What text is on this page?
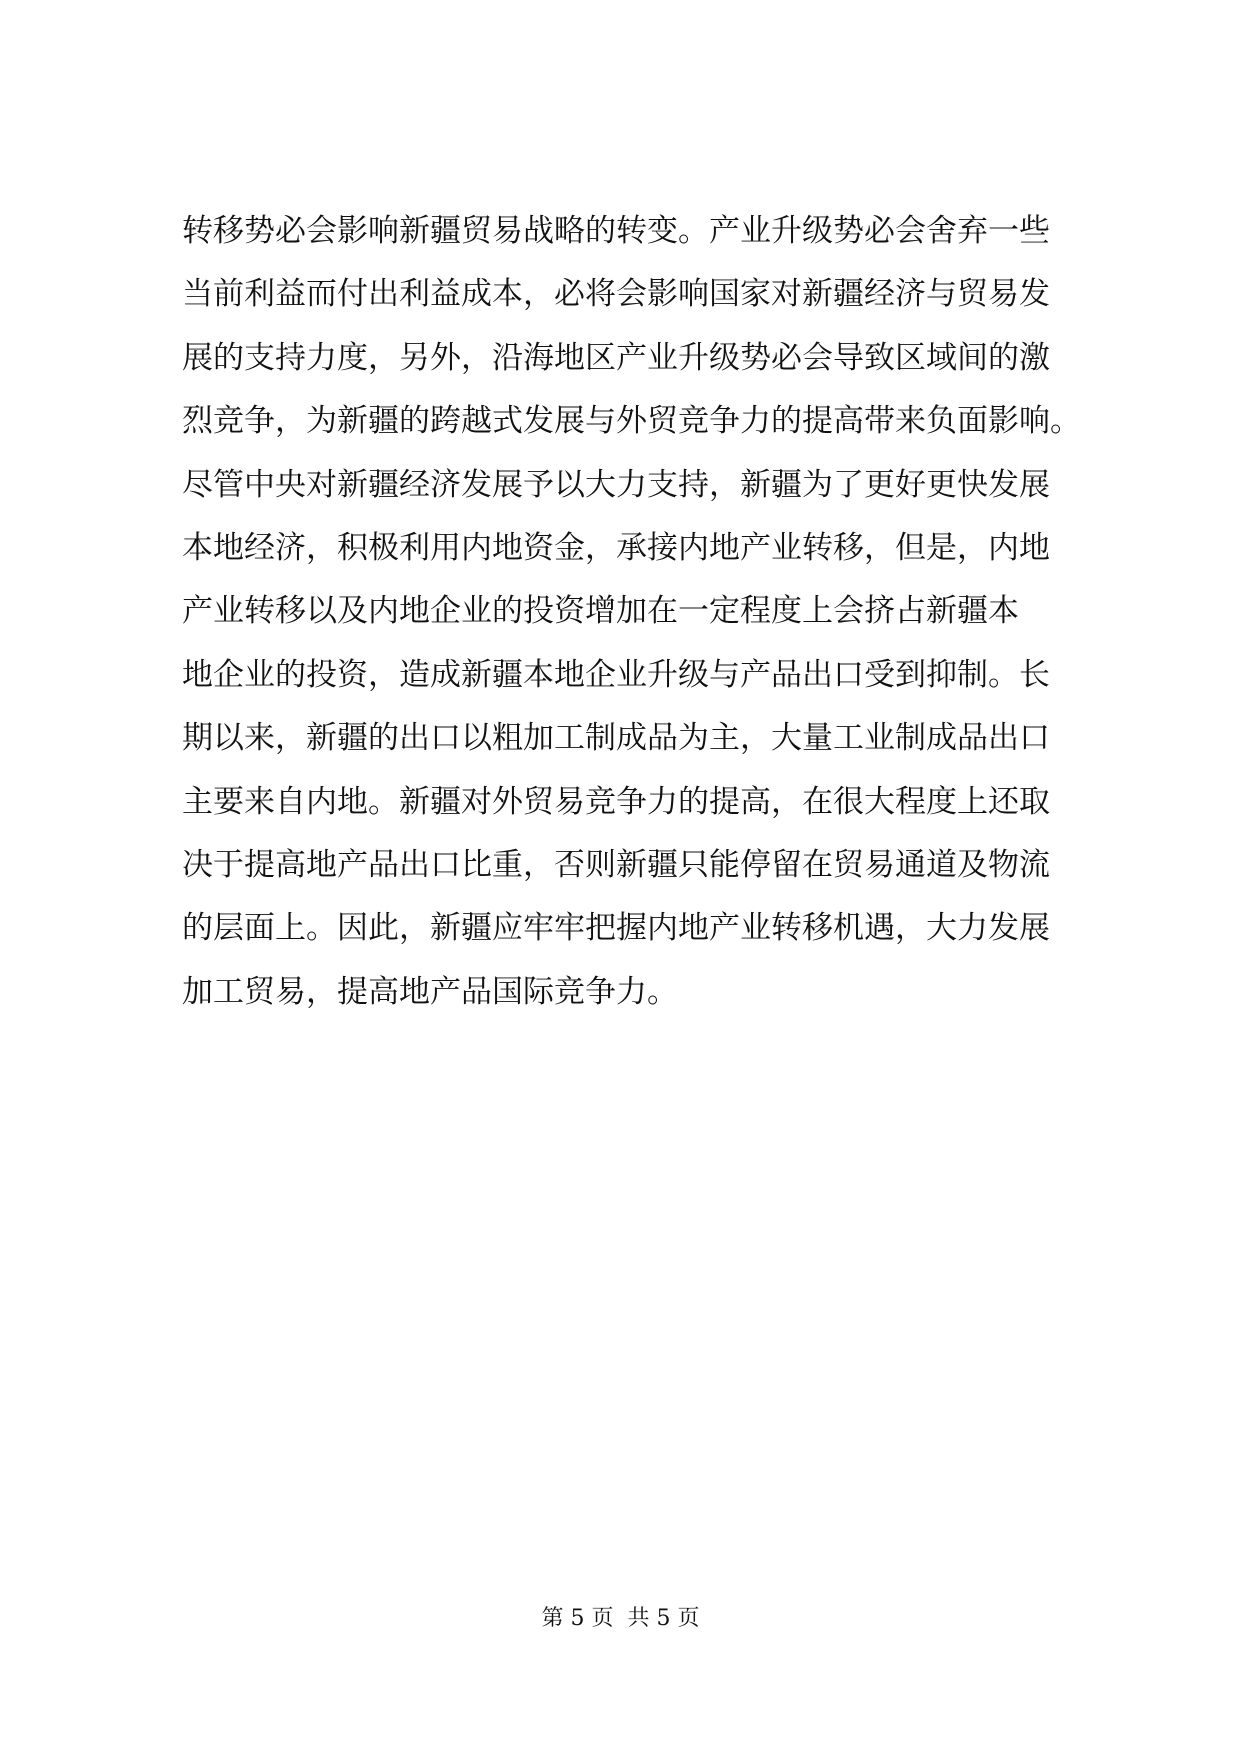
转移势必会影响新疆贸易战略的转变。产业升级势必会舍弃一些
当前利益而付出利益成本，必将会影响国家对新疆经济与贸易发
展的支持力度，另外，沿海地区产业升级势必会导致区域间的激
烈竞争，为新疆的跨越式发展与外贸竞争力的提高带来负面影响。
尽管中央对新疆经济发展予以大力支持，新疆为了更好更快发展
本地经济，积极利用内地资金，承接内地产业转移，但是，内地
产业转移以及内地企业的投资增加在一定程度上会挤占新疆本
地企业的投资，造成新疆本地企业升级与产品出口受到抑制。长
期以来，新疆的出口以粗加工制成品为主，大量工业制成品出口
主要来自内地。新疆对外贸易竞争力的提高，在很大程度上还取
决于提高地产品出口比重，否则新疆只能停留在贸易通道及物流
的层面上。因此，新疆应牢牢把握内地产业转移机遇，大力发展
加工贸易，提高地产品国际竞争力。
第 5 页  共 5 页
